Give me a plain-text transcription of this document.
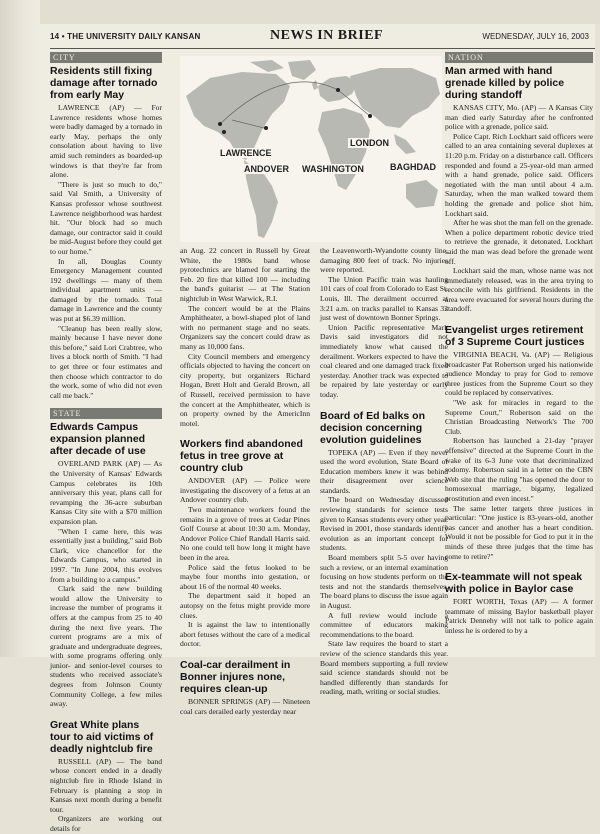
14 • THE UNIVERSITY DAILY KANSAN	NEWS IN BRIEF	WEDNESDAY, JULY 16, 2003
CITY
Residents still fixing damage after tornado from early May

LAWRENCE (AP) — For Lawrence residents whose homes were badly damaged by a tornado in early May, perhaps the only consolation about having to live amid such reminders as boarded-up windows is that they're far from alone.

"There is just so much to do," said Val Smith, a University of Kansas professor whose southwest Lawrence neighborhood was hardest hit. "Our block had so much damage, our contractor said it could be mid-August before they could get to our home."

In all, Douglas County Emergency Management counted 192 dwellings — many of them individual apartment units — damaged by the tornado. Total damage in Lawrence and the county was put at $6.39 million.

"Cleanup has been really slow, mainly because I have never done this before," said Lori Crabtree, who lives a block north of Smith. "I had to get three or four estimates and then choose which contractor to do the work, some of who did not even call me back."

STATE
Edwards Campus expansion planned after decade of use

OVERLAND PARK (AP) — As the University of Kansas' Edwards Campus celebrates its 10th anniversary this year, plans call for revamping the 36-acre suburban Kansas City site with a $70 million expansion plan.

"When I came here, this was essentially just a building," said Bob Clark, vice chancellor for the Edwards Campus, who started in 1997. "In June 2004, this evolves from a building to a campus."

Clark said the new building would allow the University to increase the number of programs it offers at the campus from 25 to 40 during the next five years. The current programs are a mix of graduate and undergraduate degrees, with some programs offering only junior- and senior-level courses to students who received associate's degrees from Johnson County Community College, a few miles away.

Great White plans tour to aid victims of deadly nightclub fire

RUSSELL (AP) — The band whose concert ended in a deadly nightclub fire in Rhode Island in February is planning a stop in Kansas next month during a benefit tour.

Organizers are working out details for

LAWRENCE
ANDOVER WASHINGTON
LONDON
BAGHDAD

an Aug. 22 concert in Russell by Great White, the 1980s band whose pyrotechnics are blamed for starting the Feb. 20 fire that killed 100 — including the band's guitarist — at The Station nightclub in West Warwick, R.I.

The concert would be at the Plains Amphitheater, a bowl-shaped plot of land with no permanent stage and no seats. Organizers say the concert could draw as many as 10,000 fans.

City Council members and emergency officials objected to having the concert on city property, but organizers Richard Hogan, Brett Holt and Gerald Brown, all of Russell, received permission to have the concert at the Amphitheater, which is on property owned by the AmericInn motel.

Workers find abandoned fetus in tree grove at country club

ANDOVER (AP) — Police were investigating the discovery of a fetus at an Andover country club.

Two maintenance workers found the remains in a grove of trees at Cedar Pines Golf Course at about 10:30 a.m. Monday, Andover Police Chief Randall Harris said. No one could tell how long it might have been in the area.

Police said the fetus looked to be maybe four months into gestation, or about 16 of the normal 40 weeks.

The department said it hoped an autopsy on the fetus might provide more clues.

It is against the law to intentionally abort fetuses without the care of a medical doctor.

Coal-car derailment in Bonner injures none, requires clean-up

BONNER SPRINGS (AP) — Nineteen coal cars derailed early yesterday near

the Leavenworth-Wyandotte county line, damaging 800 feet of track. No injuries were reported.

The Union Pacific train was hauling 101 cars of coal from Colorado to East St. Louis, Ill. The derailment occurred at 3:21 a.m. on tracks parallel to Kansas 32 just west of downtown Bonner Springs.

Union Pacific representative Mark Davis said investigators did not immediately know what caused the derailment. Workers expected to have the coal cleared and one damaged track fixed yesterday. Another track was expected to be repaired by late yesterday or early today.

Board of Ed balks on decision concerning evolution guidelines

TOPEKA (AP) — Even if they never used the word evolution, State Board of Education members knew it was behind their disagreement over science standards.

The board on Wednesday discussed reviewing standards for science tests given to Kansas students every other year. Revised in 2001, those standards identify evolution as an important concept for students.

Board members split 5-5 over having such a review, or an internal examination focusing on how students perform on the tests and not the standards themselves. The board plans to discuss the issue again in August.

A full review would include a committee of educators making recommendations to the board.

State law requires the board to start a review of the science standards this year. Board members supporting a full review said science standards should not be handled differently than standards for reading, math, writing or social studies.

NATION
Man armed with hand grenade killed by police during standoff

KANSAS CITY, Mo. (AP) — A Kansas City man died early Saturday after he confronted police with a grenade, police said.

Police Capt. Rich Lockhart said officers were called to an area containing several duplexes at 11:20 p.m. Friday on a disturbance call. Officers responded and found a 25-year-old man armed with a hand grenade, police said. Officers negotiated with the man until about 4 a.m. Saturday, when the man walked toward them holding the grenade and police shot him, Lockhart said.

After he was shot the man fell on the grenade. When a police department robotic device tried to retrieve the grenade, it detonated, Lockhart said the man was dead before the grenade went off.

Lockhart said the man, whose name was not immediately released, was in the area trying to reconcile with his girlfriend. Residents in the area were evacuated for several hours during the standoff.

Evangelist urges retirement of 3 Supreme Court justices

VIRGINIA BEACH, Va. (AP) — Religious broadcaster Pat Robertson urged his nationwide audience Monday to pray for God to remove three justices from the Supreme Court so they could be replaced by conservatives.

"We ask for miracles in regard to the Supreme Court," Robertson said on the Christian Broadcasting Network's The 700 Club.

Robertson has launched a 21-day "prayer offensive" directed at the Supreme Court in the wake of its 6-3 June vote that decriminalized sodomy. Robertson said in a letter on the CBN Web site that the ruling "has opened the door to homosexual marriage, bigamy, legalized prostitution and even incest."

The same letter targets three justices in particular: "One justice is 83-years-old, another has cancer and another has a heart condition. Would it not be possible for God to put it in the minds of these three judges that the time has come to retire?"

Ex-teammate will not speak with police in Baylor case

FORT WORTH, Texas (AP) — A former teammate of missing Baylor basketball player Patrick Dennehy will not talk to police again unless he is ordered to by a
